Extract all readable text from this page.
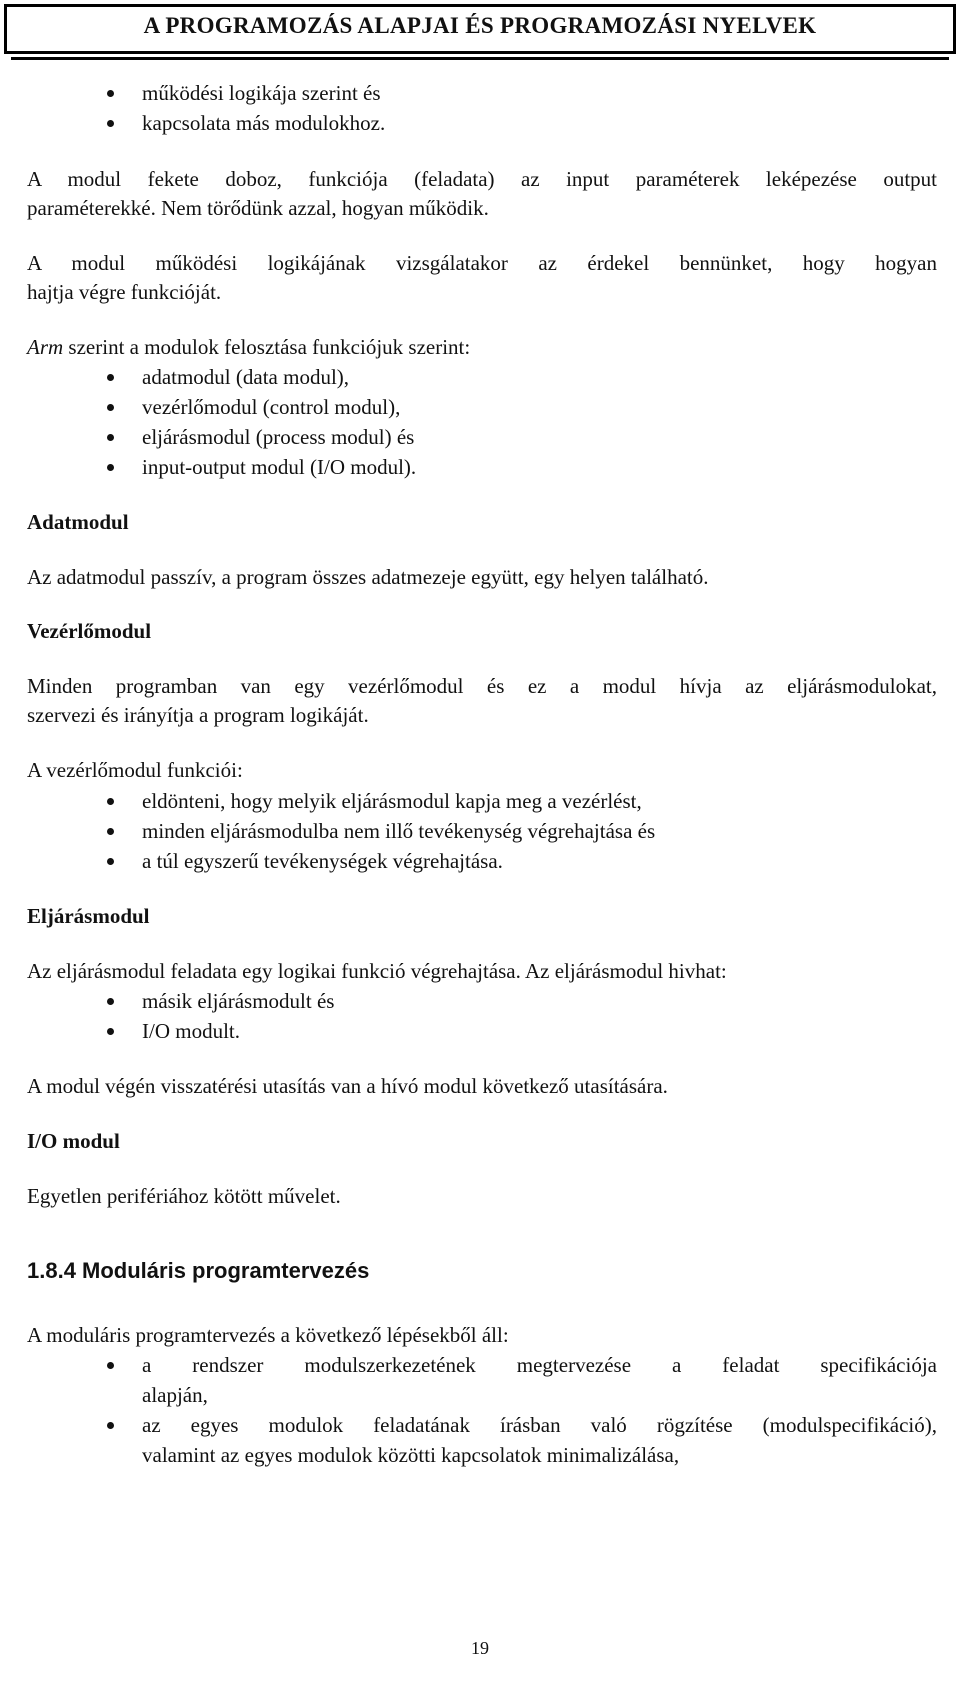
A PROGRAMOZÁS ALAPJAI ÉS PROGRAMOZÁSI NYELVEK
működési logikája szerint és
kapcsolata más modulokhoz.
A modul fekete doboz, funkciója (feladata) az input paraméterek leképezése output
paraméterekké. Nem törődünk azzal, hogyan működik.
A modul működési logikájának vizsgálatakor az érdekel bennünket, hogy hogyan
hajtja végre funkcióját.
Arm szerint a modulok felosztása funkciójuk szerint:
adatmodul (data modul),
vezérlőmodul (control modul),
eljárásmodul (process modul) és
input-output modul (I/O modul).
Adatmodul
Az adatmodul passzív, a program összes adatmezeje együtt, egy helyen található.
Vezérlőmodul
Minden programban van egy vezérlőmodul és ez a modul hívja az eljárásmodulokat,
szervezi és irányítja a program logikáját.
A vezérlőmodul funkciói:
eldönteni, hogy melyik eljárásmodul kapja meg a vezérlést,
minden eljárásmodulba nem illő tevékenység végrehajtása és
a túl egyszerű tevékenységek végrehajtása.
Eljárásmodul
Az eljárásmodul feladata egy logikai funkció végrehajtása. Az eljárásmodul hivhat:
másik eljárásmodult és
I/O modult.
A modul végén visszatérési utasítás van a hívó modul következő utasítására.
I/O modul
Egyetlen perifériához kötött művelet.
1.8.4 Moduláris programtervezés
A moduláris programtervezés a következő lépésekből áll:
a rendszer modulszerkezetének megtervezése a feladat specifikációja
alapján,
az egyes modulok feladatának írásban való rögzítése (modulspecifikáció),
valamint az egyes modulok közötti kapcsolatok minimalizálása,
19
